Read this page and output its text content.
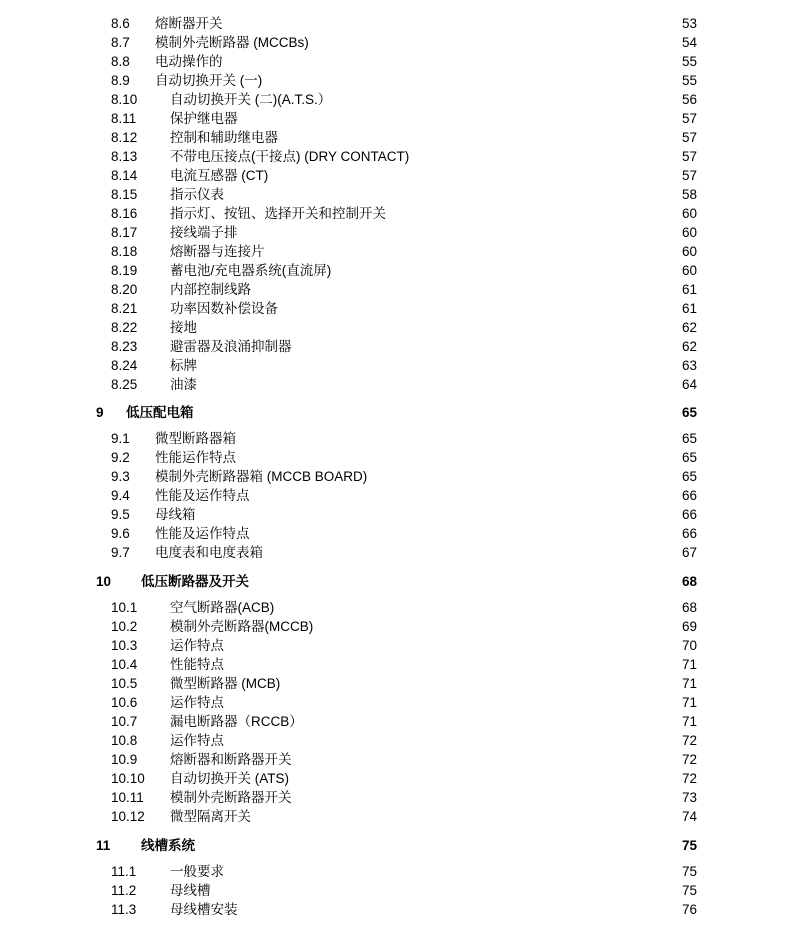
8.6 熔断器开关	53
8.7 模制外壳断路器 (MCCBs)	54
8.8 电动操作的	55
8.9 自动切换开关 (一)	55
8.10 自动切换开关 (二)(A.T.S.）	56
8.11 保护继电器	57
8.12 控制和辅助继电器	57
8.13 不带电压接点(干接点) (DRY CONTACT)	57
8.14 电流互感器 (CT)	57
8.15 指示仪表	58
8.16 指示灯、按钮、选择开关和控制开关	60
8.17 接线端子排	60
8.18 熔断器与连接片	60
8.19 蓄电池/充电器系统(直流屏)	60
8.20 内部控制线路	61
8.21 功率因数补偿设备	61
8.22 接地	62
8.23 避雷器及浪涌抑制器	62
8.24 标牌	63
8.25 油漆	64
9 低压配电箱	65
9.1 微型断路器箱	65
9.2 性能运作特点	65
9.3 模制外壳断路器箱 (MCCB BOARD)	65
9.4 性能及运作特点	66
9.5 母线箱	66
9.6 性能及运作特点	66
9.7 电度表和电度表箱	67
10 低压断路器及开关	68
10.1 空气断路器(ACB)	68
10.2 模制外壳断路器(MCCB)	69
10.3 运作特点	70
10.4 性能特点	71
10.5 微型断路器 (MCB)	71
10.6 运作特点	71
10.7 漏电断路器（RCCB）	71
10.8 运作特点	72
10.9 熔断器和断路器开关	72
10.10 自动切换开关 (ATS)	72
10.11 模制外壳断路器开关	73
10.12 微型隔离开关	74
11 线槽系统	75
11.1 一般要求	75
11.2 母线槽	75
11.3 母线槽安装	76
